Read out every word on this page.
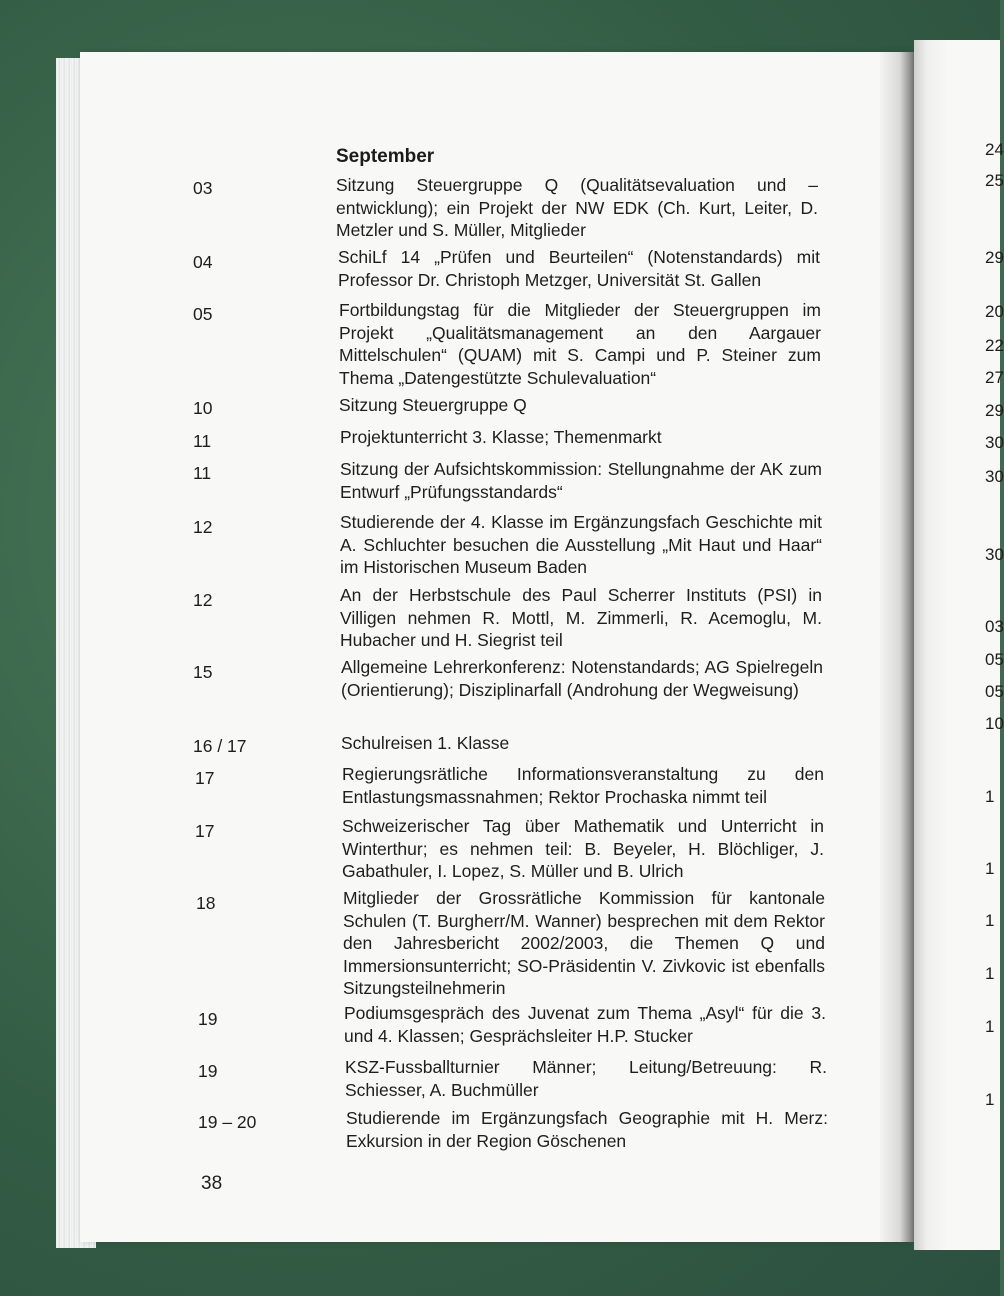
September
03	Sitzung Steuergruppe Q (Qualitätsevaluation und –entwicklung); ein Projekt der NW EDK (Ch. Kurt, Leiter, D. Metzler und S. Müller, Mitglieder
04	SchiLf 14 „Prüfen und Beurteilen“ (Notenstandards) mit Professor Dr. Christoph Metzger, Universität St. Gallen
05	Fortbildungstag für die Mitglieder der Steuergruppen im Projekt „Qualitätsmanagement an den Aargauer Mittelschulen“ (QUAM) mit S. Campi und P. Steiner zum Thema „Datengestützte Schulevaluation“
10	Sitzung Steuergruppe Q
11	Projektunterricht 3. Klasse; Themenmarkt
11	Sitzung der Aufsichtskommission: Stellungnahme der AK zum Entwurf „Prüfungsstandards“
12	Studierende der 4. Klasse im Ergänzungsfach Geschichte mit A. Schluchter besuchen die Ausstellung „Mit Haut und Haar“ im Historischen Museum Baden
12	An der Herbstschule des Paul Scherrer Instituts (PSI) in Villigen nehmen R. Mottl, M. Zimmerli, R. Acemoglu, M. Hubacher und H. Siegrist teil
15	Allgemeine Lehrerkonferenz: Notenstandards; AG Spielregeln (Orientierung); Disziplinarfall (Androhung der Wegweisung)
16 / 17	Schulreisen 1. Klasse
17	Regierungsrätliche Informationsveranstaltung zu den Entlastungsmassnahmen; Rektor Prochaska nimmt teil
17	Schweizerischer Tag über Mathematik und Unterricht in Winterthur; es nehmen teil: B. Beyeler, H. Blöchliger, J. Gabathuler, I. Lopez, S. Müller und B. Ulrich
18	Mitglieder der Grossrätliche Kommission für kantonale Schulen (T. Burgherr/M. Wanner) besprechen mit dem Rektor den Jahresbericht 2002/2003, die Themen Q und Immersionsunterricht; SO-Präsidentin V. Zivkovic ist ebenfalls Sitzungsteilnehmerin
19	Podiumsgespräch des Juvenat zum Thema „Asyl“ für die 3. und 4. Klassen; Gesprächsleiter H.P. Stucker
19	KSZ-Fussballturnier Männer; Leitung/Betreuung: R. Schiesser, A. Buchmüller
19 – 20	Studierende im Ergänzungsfach Geographie mit H. Merz: Exkursion in der Region Göschenen
38
24
25
29
20
22
27
29
30
30
30
03
05
05
10
1
1
1
1
1
1
